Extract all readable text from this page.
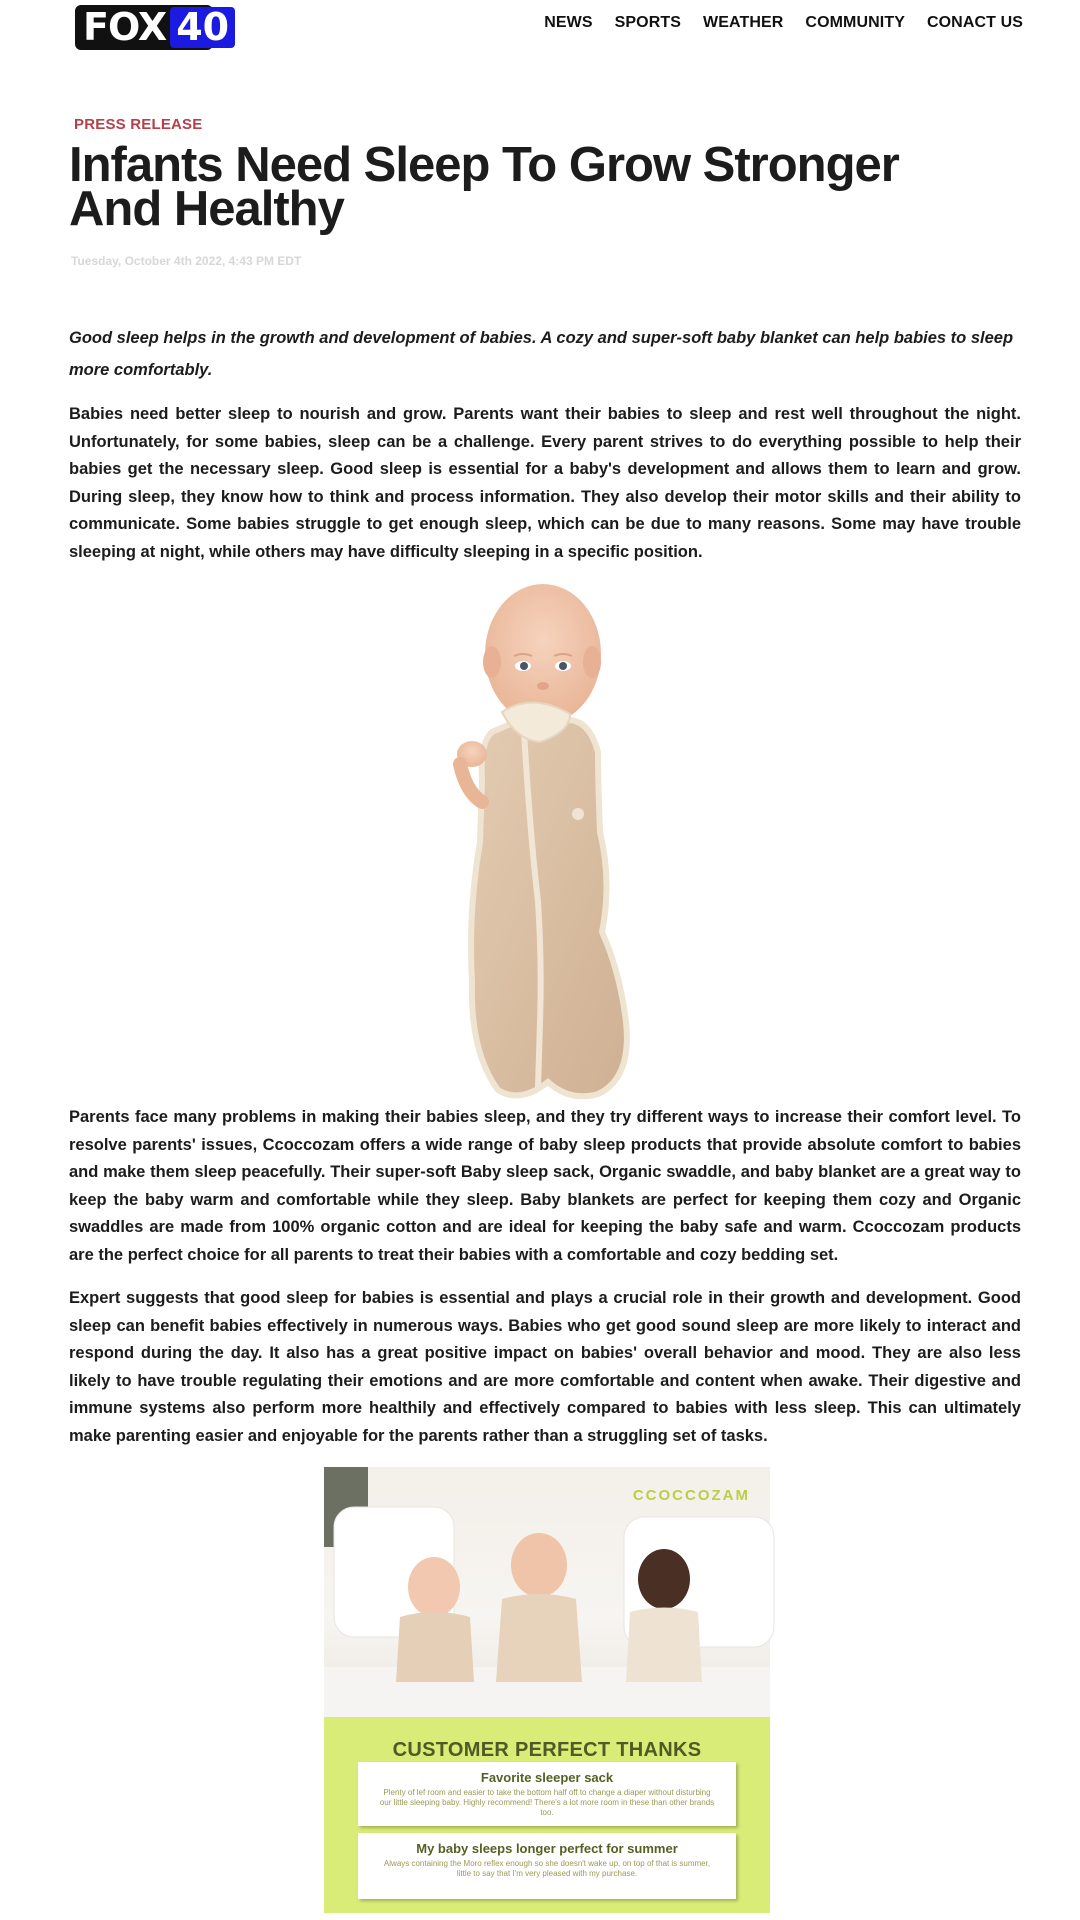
FOX 40	NEWS SPORTS WEATHER COMMUNITY CONACT US
PRESS RELEASE
Infants Need Sleep To Grow Stronger And Healthy
Tuesday, October 4th 2022, 4:43 PM EDT

Good sleep helps in the growth and development of babies. A cozy and super-soft baby blanket can help babies to sleep more comfortably.

Babies need better sleep to nourish and grow. Parents want their babies to sleep and rest well throughout the night. Unfortunately, for some babies, sleep can be a challenge. Every parent strives to do everything possible to help their babies get the necessary sleep. Good sleep is essential for a baby's development and allows them to learn and grow. During sleep, they know how to think and process information. They also develop their motor skills and their ability to communicate. Some babies struggle to get enough sleep, which can be due to many reasons. Some may have trouble sleeping at night, while others may have difficulty sleeping in a specific position.

Parents face many problems in making their babies sleep, and they try different ways to increase their comfort level. To resolve parents' issues, Ccoccozam offers a wide range of baby sleep products that provide absolute comfort to babies and make them sleep peacefully. Their super-soft Baby sleep sack, Organic swaddle, and baby blanket are a great way to keep the baby warm and comfortable while they sleep. Baby blankets are perfect for keeping them cozy and Organic swaddles are made from 100% organic cotton and are ideal for keeping the baby safe and warm. Ccoccozam products are the perfect choice for all parents to treat their babies with a comfortable and cozy bedding set.

Expert suggests that good sleep for babies is essential and plays a crucial role in their growth and development. Good sleep can benefit babies effectively in numerous ways. Babies who get good sound sleep are more likely to interact and respond during the day. It also has a great positive impact on babies' overall behavior and mood. They are also less likely to have trouble regulating their emotions and are more comfortable and content when awake. Their digestive and immune systems also perform more healthily and effectively compared to babies with less sleep. This can ultimately make parenting easier and enjoyable for the parents rather than a struggling set of tasks.

CCOCCOZAM
CUSTOMER PERFECT THANKS
Favorite sleeper sack
Plenty of lef room and easier to take the bottom half off to change a diaper without disturbing our little sleeping baby. Highly recommend! There's a lot more room in these than other brands too.
My baby sleeps longer perfect for summer
Always containing the Moro reflex enough so she doesn't wake up, on top of that is summer, little to say that I'm very pleased with my purchase.
